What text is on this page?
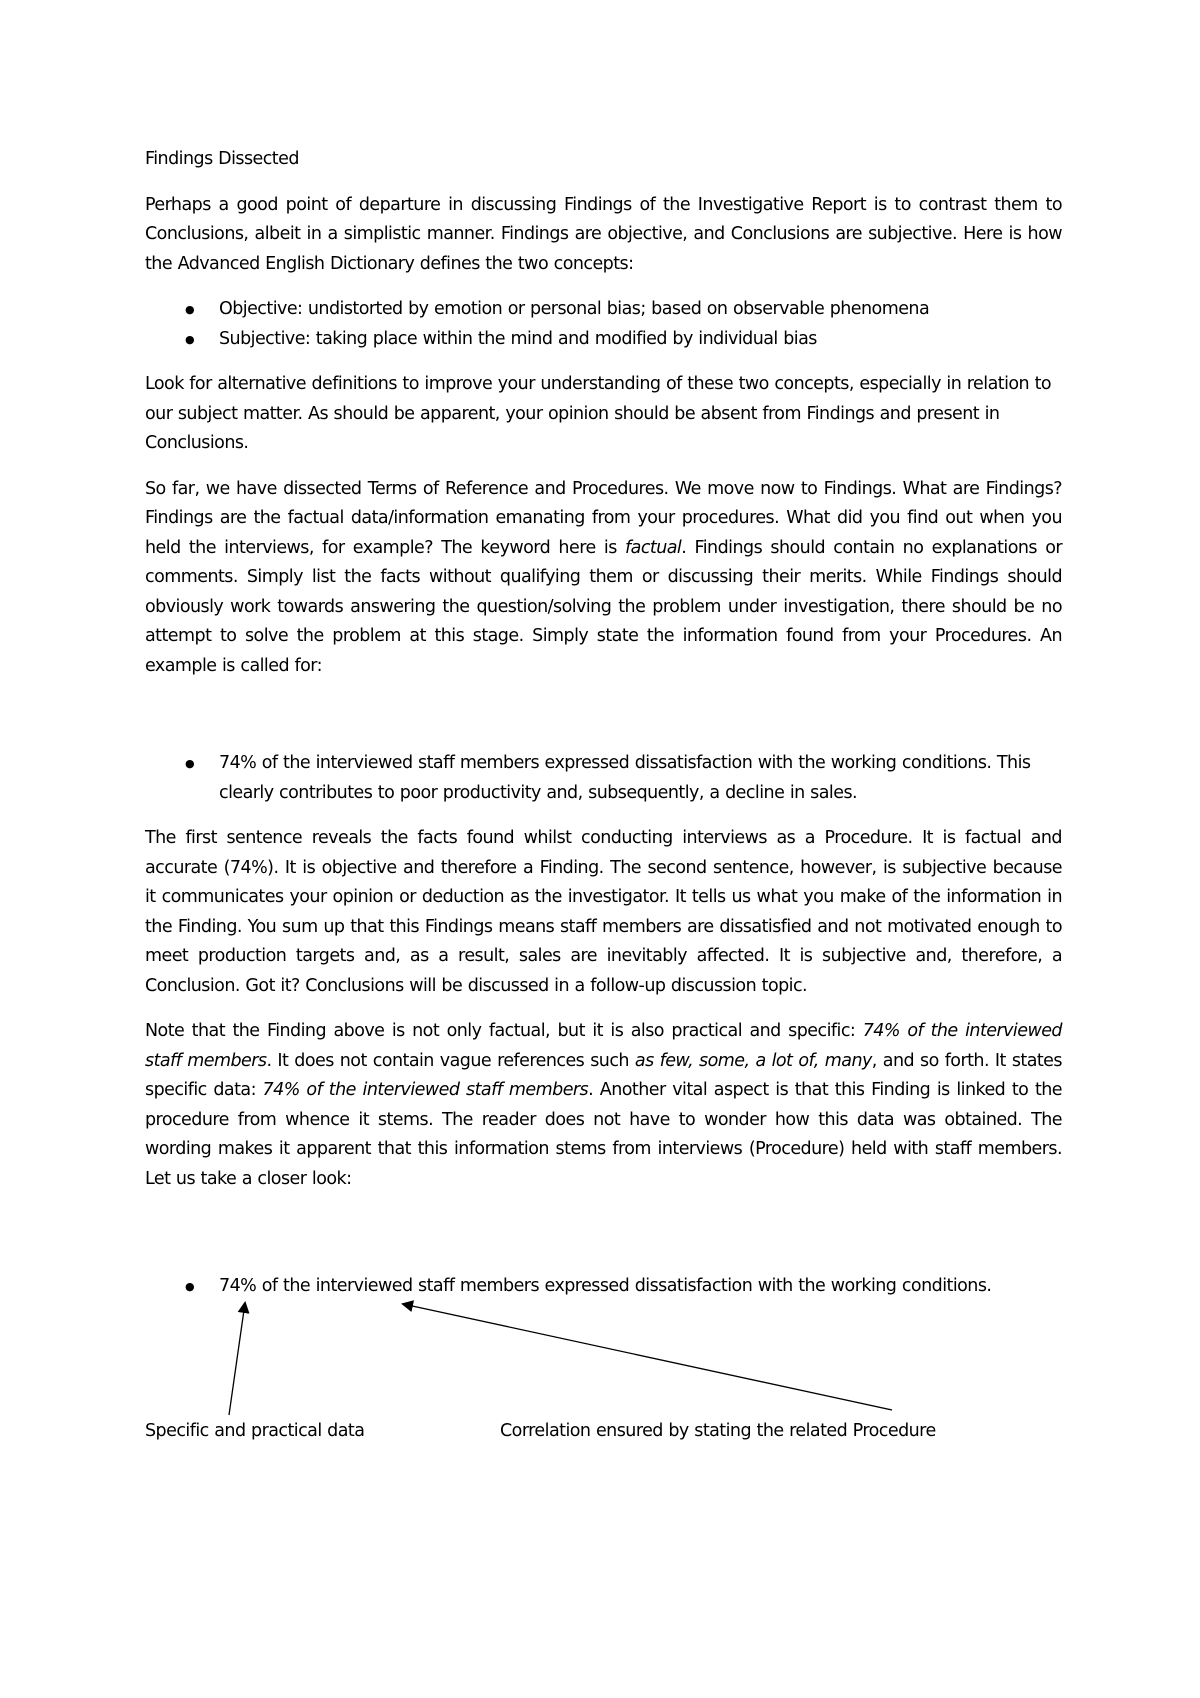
Findings Dissected

Perhaps a good point of departure in discussing Findings of the Investigative Report is to contrast them to Conclusions, albeit in a simplistic manner. Findings are objective, and Conclusions are subjective. Here is how the Advanced English Dictionary defines the two concepts:

● Objective: undistorted by emotion or personal bias; based on observable phenomena
● Subjective: taking place within the mind and modified by individual bias

Look for alternative definitions to improve your understanding of these two concepts, especially in relation to our subject matter. As should be apparent, your opinion should be absent from Findings and present in Conclusions.

So far, we have dissected Terms of Reference and Procedures. We move now to Findings. What are Findings? Findings are the factual data/information emanating from your procedures. What did you find out when you held the interviews, for example? The keyword here is factual. Findings should contain no explanations or comments. Simply list the facts without qualifying them or discussing their merits. While Findings should obviously work towards answering the question/solving the problem under investigation, there should be no attempt to solve the problem at this stage. Simply state the information found from your Procedures. An example is called for:

● 74% of the interviewed staff members expressed dissatisfaction with the working conditions. This clearly contributes to poor productivity and, subsequently, a decline in sales.

The first sentence reveals the facts found whilst conducting interviews as a Procedure. It is factual and accurate (74%). It is objective and therefore a Finding. The second sentence, however, is subjective because it communicates your opinion or deduction as the investigator. It tells us what you make of the information in the Finding. You sum up that this Findings means staff members are dissatisfied and not motivated enough to meet production targets and, as a result, sales are inevitably affected. It is subjective and, therefore, a Conclusion. Got it? Conclusions will be discussed in a follow-up discussion topic.

Note that the Finding above is not only factual, but it is also practical and specific: 74% of the interviewed staff members. It does not contain vague references such as few, some, a lot of, many, and so forth. It states specific data: 74% of the interviewed staff members. Another vital aspect is that this Finding is linked to the procedure from whence it stems. The reader does not have to wonder how this data was obtained. The wording makes it apparent that this information stems from interviews (Procedure) held with staff members. Let us take a closer look:

● 74% of the interviewed staff members expressed dissatisfaction with the working conditions.
Specific and practical data	Correlation ensured by stating the related Procedure
